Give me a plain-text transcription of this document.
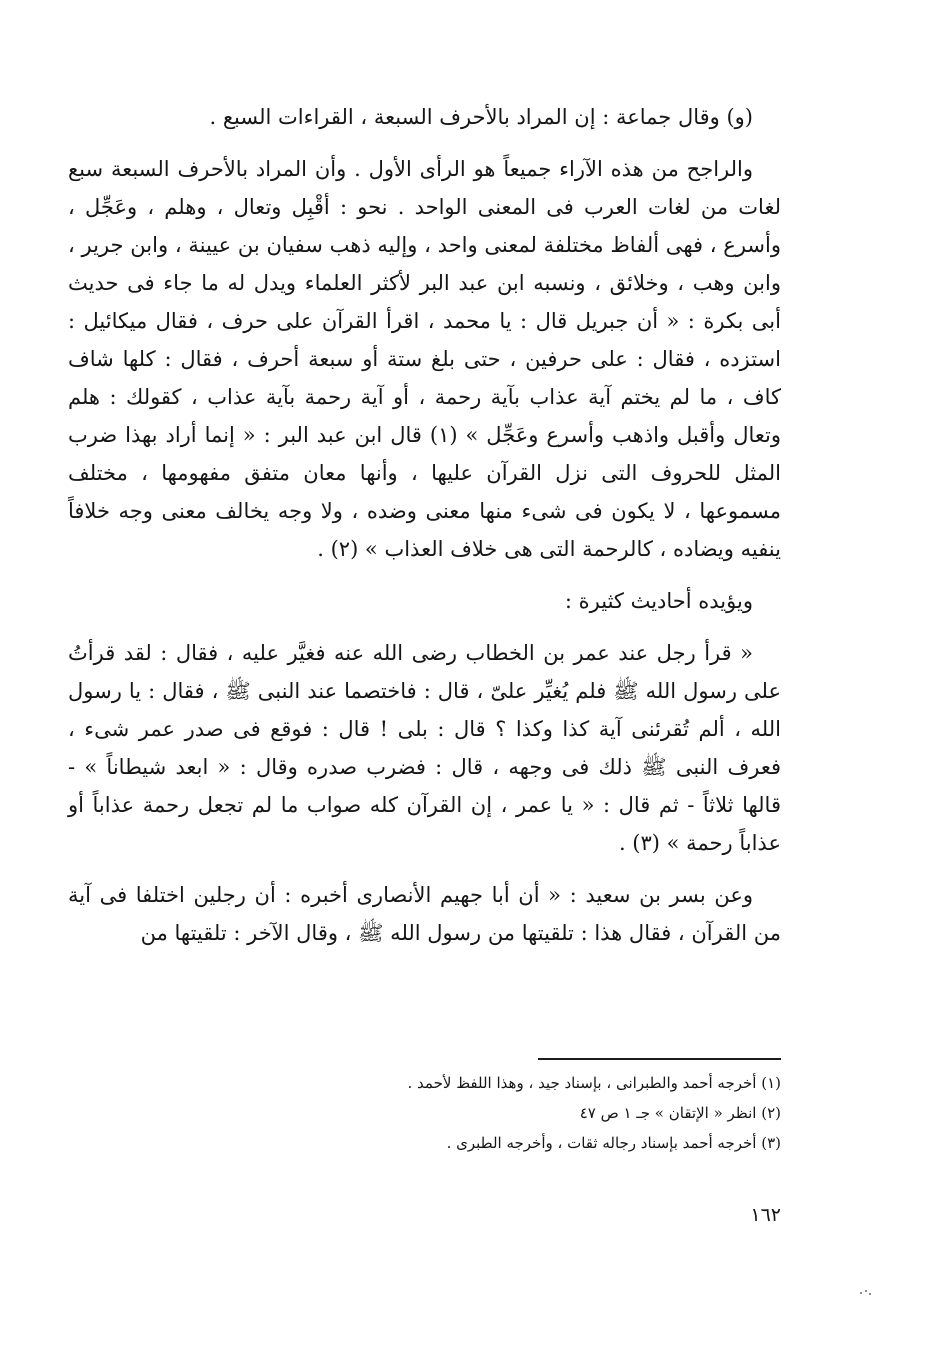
(و) وقال جماعة : إن المراد بالأحرف السبعة ، القراءات السبع .

والراجح من هذه الآراء جميعاً هو الرأى الأول . وأن المراد بالأحرف السبعة سبع لغات من لغات العرب فى المعنى الواحد . نحو : أقْبِل وتعال ، وهلم ، وعَجِّل ، وأسرع ، فهى ألفاظ مختلفة لمعنى واحد ، وإليه ذهب سفيان بن عيينة ، وابن جرير ، وابن وهب ، وخلائق ، ونسبه ابن عبد البر لأكثر العلماء ويدل له ما جاء فى حديث أبى بكرة : « أن جبريل قال : يا محمد ، اقرأ القرآن على حرف ، فقال ميكائيل : استزده ، فقال : على حرفين ، حتى بلغ ستة أو سبعة أحرف ، فقال : كلها شاف كاف ، ما لم يختم آية عذاب بآية رحمة ، أو آية رحمة بآية عذاب ، كقولك : هلم وتعال وأقبل واذهب وأسرع وعَجِّل » (١) قال ابن عبد البر : « إنما أراد بهذا ضرب المثل للحروف التى نزل القرآن عليها ، وأنها معان متفق مفهومها ، مختلف مسموعها ، لا يكون فى شىء منها معنى وضده ، ولا وجه يخالف معنى وجه خلافاً ينفيه ويضاده ، كالرحمة التى هى خلاف العذاب » (٢) .

ويؤيده أحاديث كثيرة :

« قرأ رجل عند عمر بن الخطاب رضى الله عنه فغيَّر عليه ، فقال : لقد قرأتُ على رسول الله ﷺ فلم يُغيِّر علىّ ، قال : فاختصما عند النبى ﷺ ، فقال : يا رسول الله ، ألم تُقرئنى آية كذا وكذا ؟ قال : بلى ! قال : فوقع فى صدر عمر شىء ، فعرف النبى ﷺ ذلك فى وجهه ، قال : فضرب صدره وقال : « ابعد شيطاناً » - قالها ثلاثاً - ثم قال : « يا عمر ، إن القرآن كله صواب ما لم تجعل رحمة عذاباً أو عذاباً رحمة » (٣) .

وعن بسر بن سعيد : « أن أبا جهيم الأنصارى أخبره : أن رجلين اختلفا فى آية من القرآن ، فقال هذا : تلقيتها من رسول الله ﷺ ، وقال الآخر : تلقيتها من

(١) أخرجه أحمد والطبرانى ، بإسناد جيد ، وهذا اللفظ لأحمد .

(٢) انظر « الإتقان » جـ ١ ص ٤٧

(٣) أخرجه أحمد بإسناد رجاله ثقات ، وأخرجه الطبرى .

١٦٢
